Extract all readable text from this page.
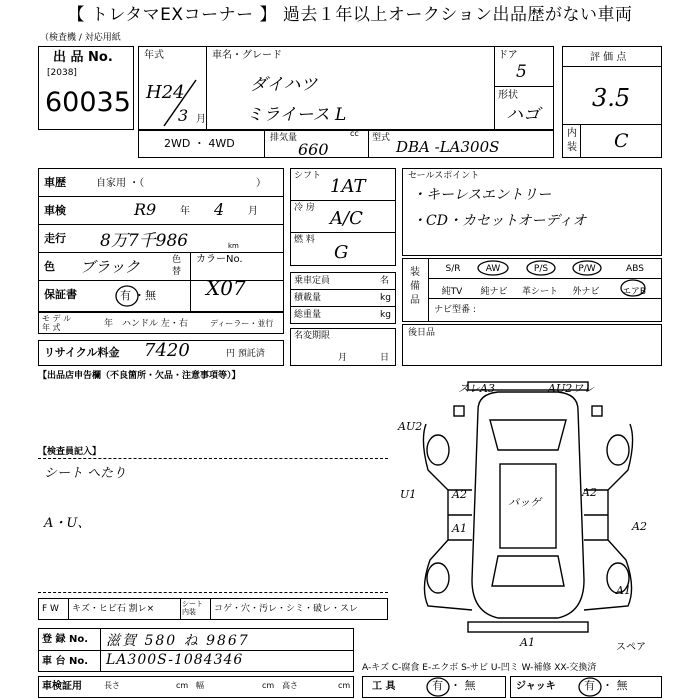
【 トレタマEXコーナー 】 過去１年以上オークション出品歴がない車両
（検査機 / 対応用紙
出 品 No.
[2038]
60035
年式
H24
3 月
車名・グレード
ダイハツ
ミライース L
ドア
5
形状
ハゴ
評 価 点
3.5
内
装 C
2WD ・ 4WD	排気量	cc
660
型式 DBA -LA300S
車歴	自家用 ・（	）
車検	R9 年 4 月
走行 8万7千986	km
色 ブラック	色
替
カラーNo.
X07
保証書	有 ・無
モ デ ル
年 式	年 ハンドル 左・右	ディーラー・並行
リサイクル料金 7420	円 預託済
シフト 1AT
冷 房 A/C
燃 料
G
乗車定員	名
積載量	kg
総重量	kg
名変期限
月	日
セールスポイント
・キーレスエントリー
・CD・カセットオーディオ
装 備 品
S/R	AW	P/S	P/W	ABS
純TV	純ナビ	革シート	外ナビ	エアB
ナビ型番 :
後日品
【出品店申告欄（不良箇所・欠品・注意事項等）】
【検査員記入】
シート へたり
A・U、
スレA3	AU2ワレ
AU2
U1	A2	A2
パッゲ
A1	A2
A1
A1	スペア
F W キズ・ヒビ石 割レ×	シート内装	コゲ・穴・汚レ・シミ・破レ・スレ
登 録 No. 滋賀 580 ね 9867
車 台 No. LA300S-1084346	A-キズ C-腐食 E-エクボ S-サビ U-凹ミ W-補修 XX-交換済
車検証用	長さ	cm 幅	cm 高さ	cm 工 具	有 ・ 無	ジャッキ	有 ・ 無
